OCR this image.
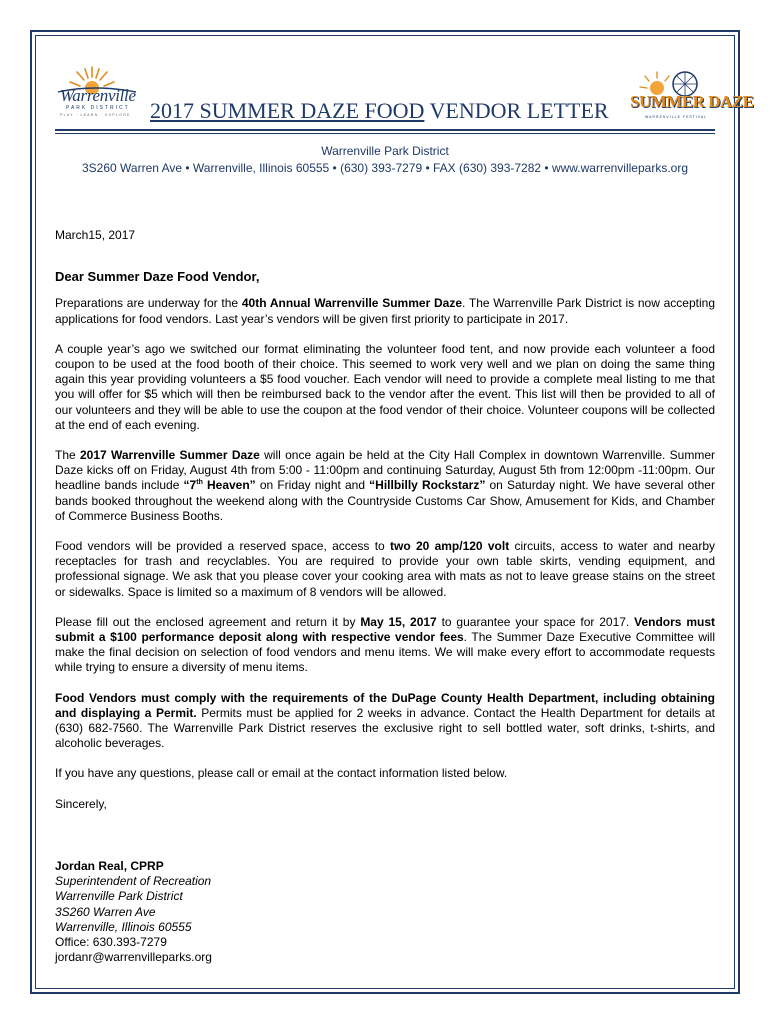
Warrenville
PARK DISTRICT
PLAY · LEARN · EXPLORE 2017 SUMMER DAZE FOOD VENDOR LETTER SUMMER DAZE
WARRENVILLE FESTIVAL
Warrenville Park District
3S260 Warren Ave • Warrenville, Illinois 60555 • (630) 393-7279 • FAX (630) 393-7282 • www.warrenvilleparks.org

March15, 2017

Dear Summer Daze Food Vendor,

Preparations are underway for the 40th Annual Warrenville Summer Daze. The Warrenville Park District is now accepting applications for food vendors. Last year’s vendors will be given first priority to participate in 2017.

A couple year’s ago we switched our format eliminating the volunteer food tent, and now provide each volunteer a food coupon to be used at the food booth of their choice. This seemed to work very well and we plan on doing the same thing again this year providing volunteers a $5 food voucher. Each vendor will need to provide a complete meal listing to me that you will offer for $5 which will then be reimbursed back to the vendor after the event. This list will then be provided to all of our volunteers and they will be able to use the coupon at the food vendor of their choice. Volunteer coupons will be collected at the end of each evening.

The 2017 Warrenville Summer Daze will once again be held at the City Hall Complex in downtown Warrenville. Summer Daze kicks off on Friday, August 4th from 5:00 - 11:00pm and continuing Saturday, August 5th from 12:00pm -11:00pm. Our headline bands include “7th Heaven” on Friday night and “Hillbilly Rockstarz” on Saturday night. We have several other bands booked throughout the weekend along with the Countryside Customs Car Show, Amusement for Kids, and Chamber of Commerce Business Booths.

Food vendors will be provided a reserved space, access to two 20 amp/120 volt circuits, access to water and nearby receptacles for trash and recyclables. You are required to provide your own table skirts, vending equipment, and professional signage. We ask that you please cover your cooking area with mats as not to leave grease stains on the street or sidewalks. Space is limited so a maximum of 8 vendors will be allowed.

Please fill out the enclosed agreement and return it by May 15, 2017 to guarantee your space for 2017. Vendors must submit a $100 performance deposit along with respective vendor fees. The Summer Daze Executive Committee will make the final decision on selection of food vendors and menu items. We will make every effort to accommodate requests while trying to ensure a diversity of menu items.

Food Vendors must comply with the requirements of the DuPage County Health Department, including obtaining and displaying a Permit. Permits must be applied for 2 weeks in advance. Contact the Health Department for details at (630) 682-7560. The Warrenville Park District reserves the exclusive right to sell bottled water, soft drinks, t-shirts, and alcoholic beverages.

If you have any questions, please call or email at the contact information listed below.

Sincerely,

Jordan Real, CPRP

Superintendent of Recreation

Warrenville Park District

3S260 Warren Ave

Warrenville, Illinois 60555

Office: 630.393-7279

jordanr@warrenvilleparks.org
